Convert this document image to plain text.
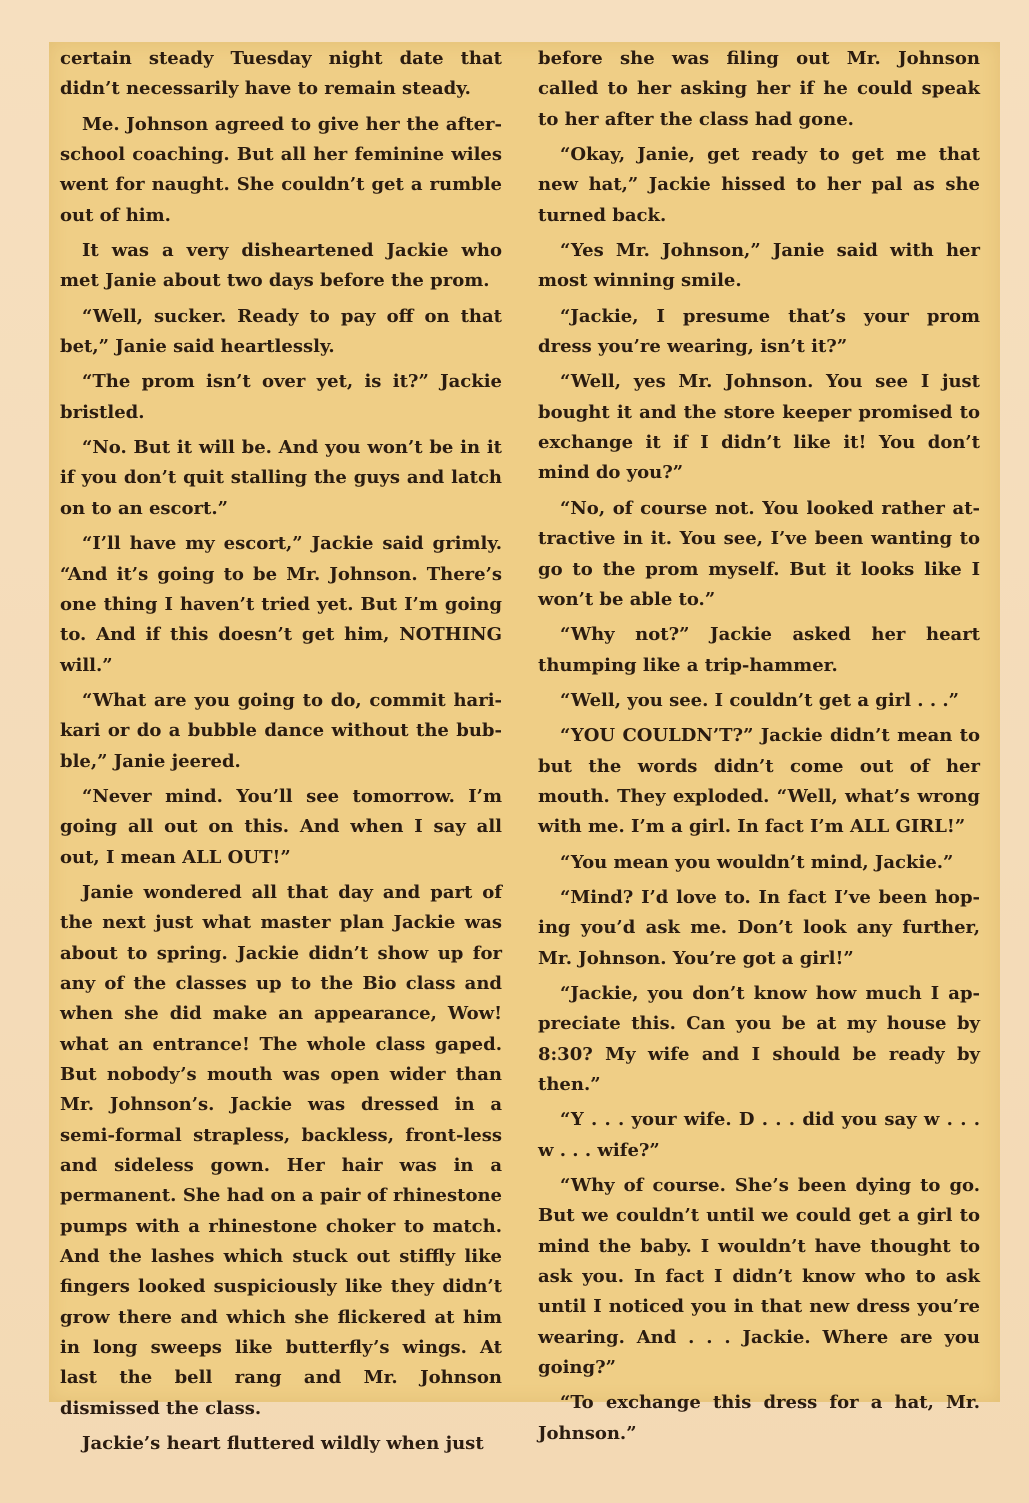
certain steady Tuesday night date that didn’t necessarily have to remain steady.

Me. Johnson agreed to give her the after-school coaching. But all her feminine wiles went for naught. She couldn’t get a rumble out of him.

It was a very disheartened Jackie who met Janie about two days before the prom.

“Well, sucker. Ready to pay off on that bet,” Janie said heartlessly.

“The prom isn’t over yet, is it?” Jackie bristled.

“No. But it will be. And you won’t be in it if you don’t quit stalling the guys and latch on to an escort.”

“I’ll have my escort,” Jackie said grimly. “And it’s going to be Mr. Johnson. There’s one thing I haven’t tried yet. But I’m going to. And if this doesn’t get him, NOTHING will.”

“What are you going to do, commit hari-kari or do a bubble dance without the bub-ble,” Janie jeered.

“Never mind. You’ll see tomorrow. I’m going all out on this. And when I say all out, I mean ALL OUT!”

Janie wondered all that day and part of the next just what master plan Jackie was about to spring. Jackie didn’t show up for any of the classes up to the Bio class and when she did make an appearance, Wow! what an entrance! The whole class gaped. But nobody’s mouth was open wider than Mr. Johnson’s. Jackie was dressed in a semi-formal strapless, backless, front-less and sideless gown. Her hair was in a permanent. She had on a pair of rhinestone pumps with a rhinestone choker to match. And the lashes which stuck out stiffly like fingers looked suspiciously like they didn’t grow there and which she flickered at him in long sweeps like butterfly’s wings. At last the bell rang and Mr. Johnson dismissed the class.

Jackie’s heart fluttered wildly when just

before she was filing out Mr. Johnson called to her asking her if he could speak to her after the class had gone.

“Okay, Janie, get ready to get me that new hat,” Jackie hissed to her pal as she turned back.

“Yes Mr. Johnson,” Janie said with her most winning smile.

“Jackie, I presume that’s your prom dress you’re wearing, isn’t it?”

“Well, yes Mr. Johnson. You see I just bought it and the store keeper promised to exchange it if I didn’t like it! You don’t mind do you?”

“No, of course not. You looked rather at-tractive in it. You see, I’ve been wanting to go to the prom myself. But it looks like I won’t be able to.”

“Why not?” Jackie asked her heart thumping like a trip-hammer.

“Well, you see. I couldn’t get a girl . . .”

“YOU COULDN’T?” Jackie didn’t mean to but the words didn’t come out of her mouth. They exploded. “Well, what’s wrong with me. I’m a girl. In fact I’m ALL GIRL!”

“You mean you wouldn’t mind, Jackie.”

“Mind? I’d love to. In fact I’ve been hop-ing you’d ask me. Don’t look any further, Mr. Johnson. You’re got a girl!”

“Jackie, you don’t know how much I ap-preciate this. Can you be at my house by 8:30? My wife and I should be ready by then.”

“Y . . . your wife. D . . . did you say w . . . w . . . wife?”

“Why of course. She’s been dying to go. But we couldn’t until we could get a girl to mind the baby. I wouldn’t have thought to ask you. In fact I didn’t know who to ask until I noticed you in that new dress you’re wearing. And . . . Jackie. Where are you going?”

“To exchange this dress for a hat, Mr. Johnson.”
